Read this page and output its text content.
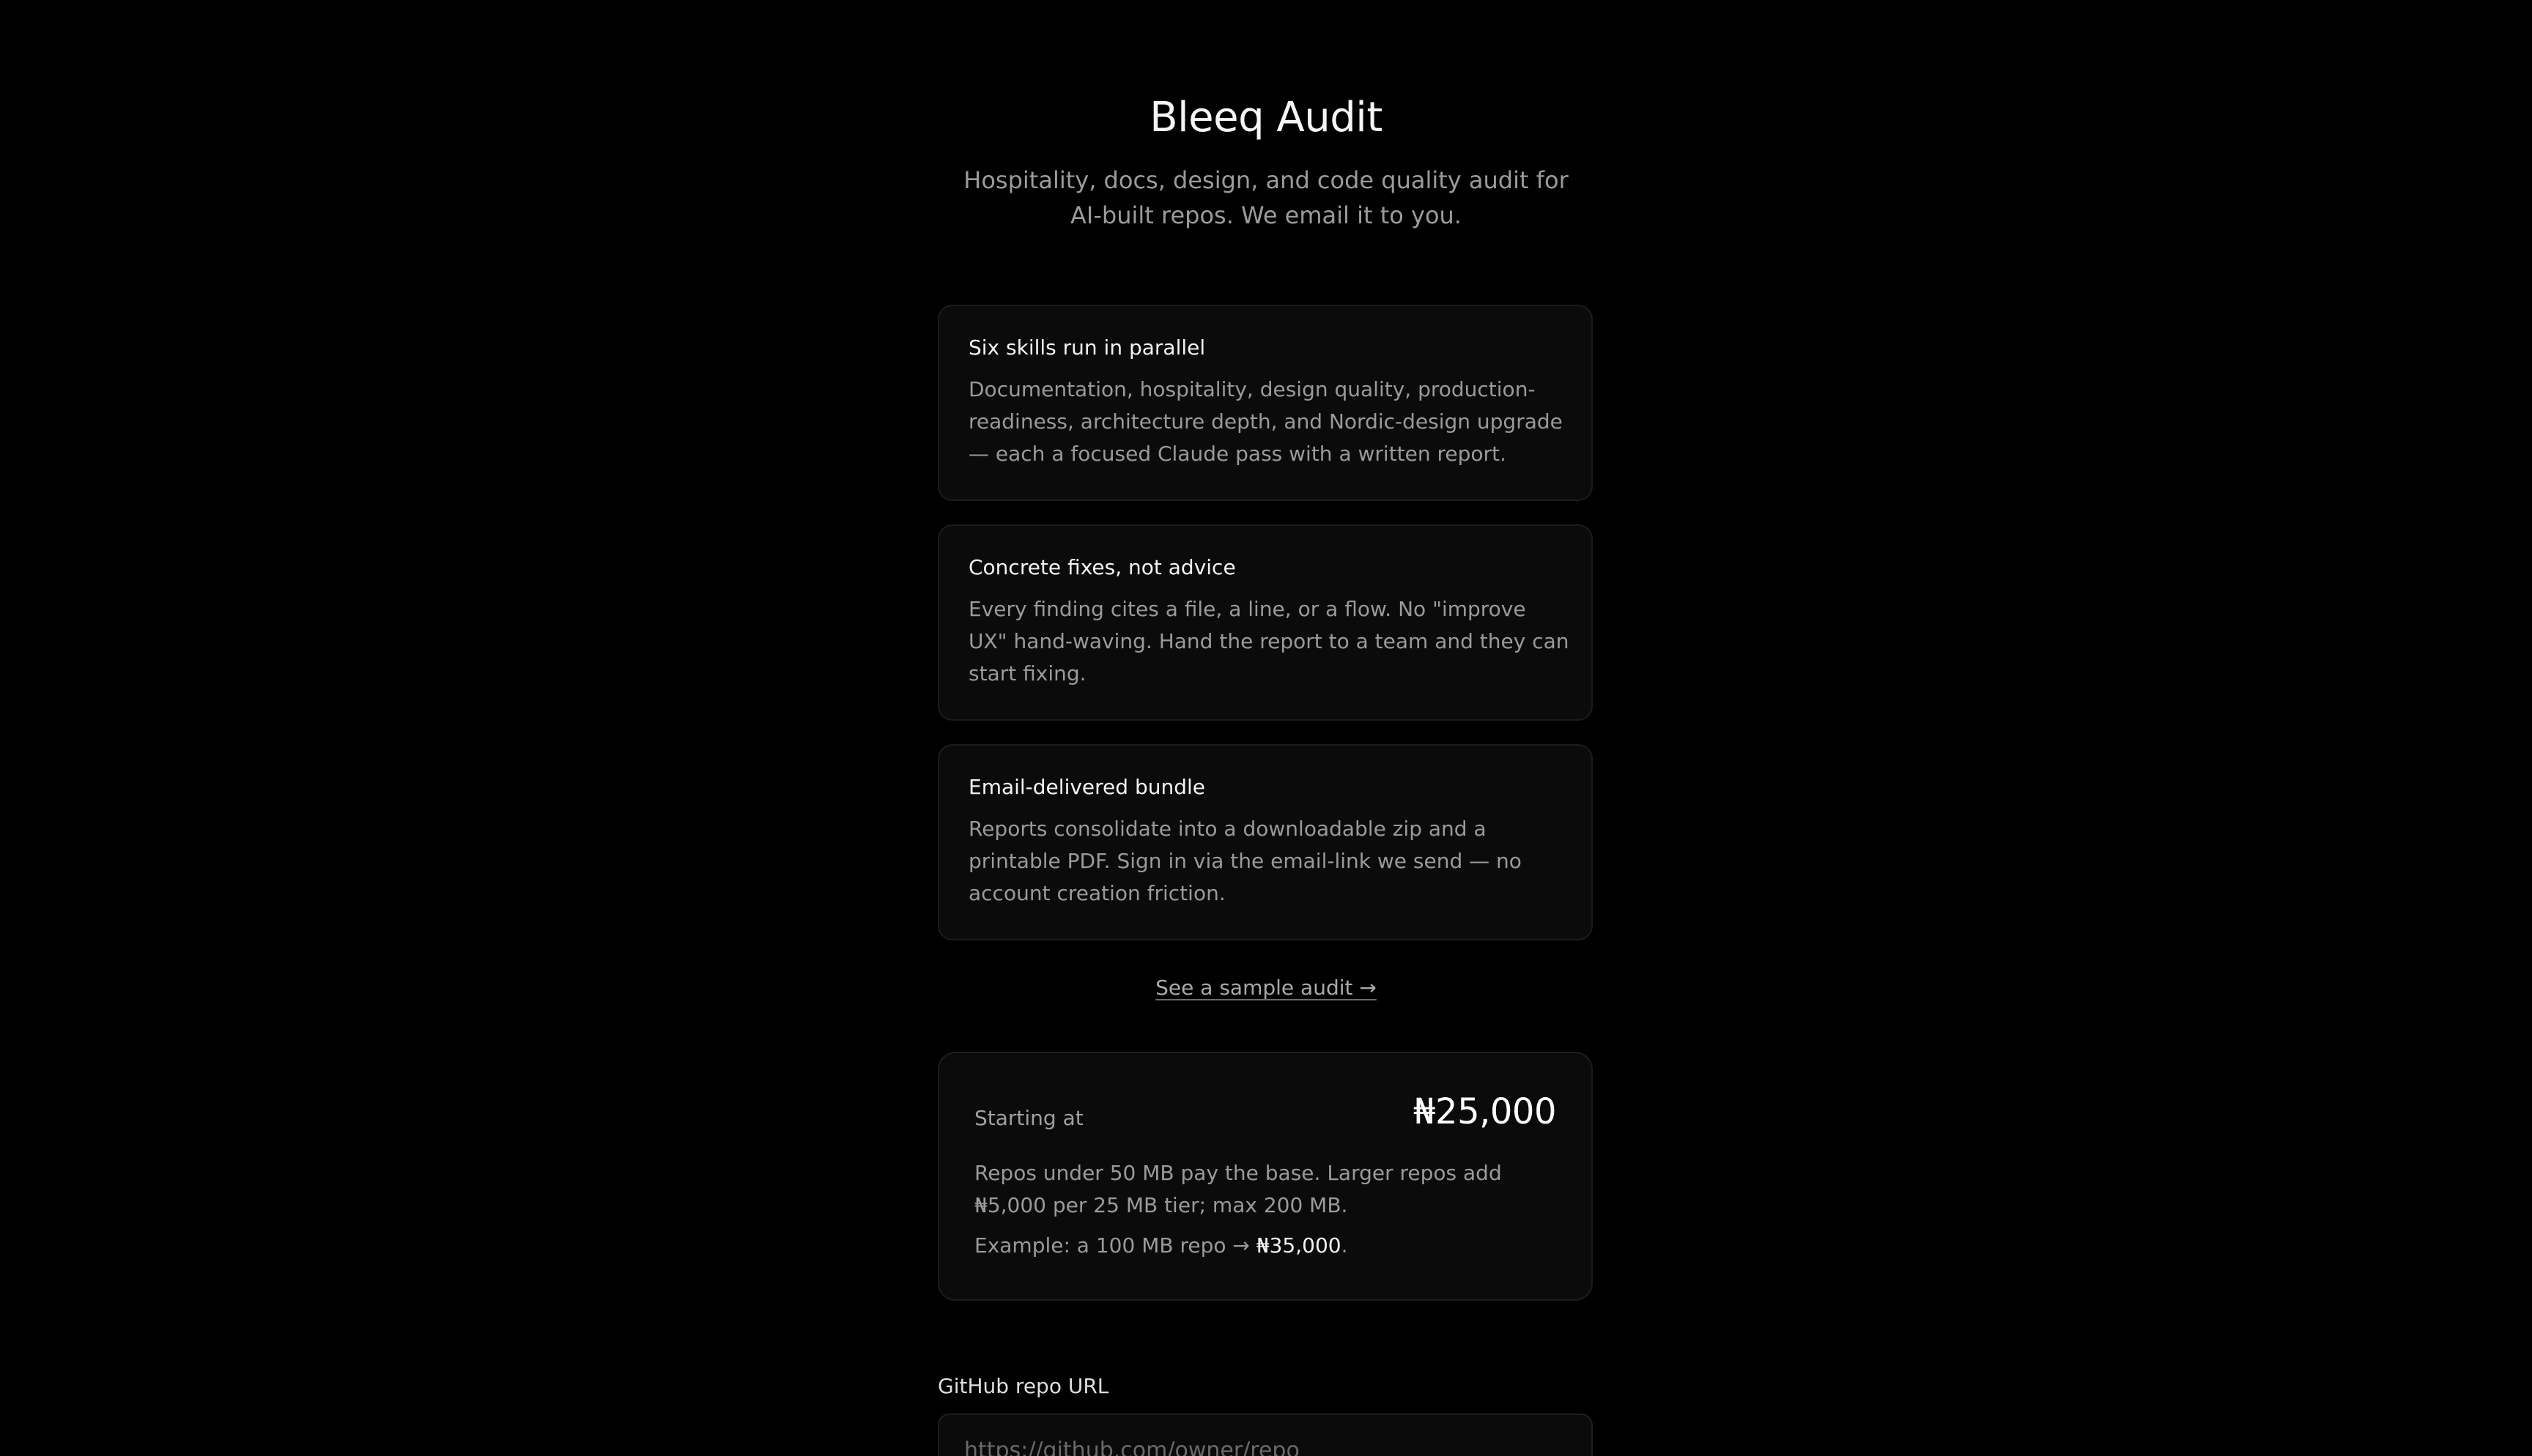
Bleeq Audit
Hospitality, docs, design, and code quality audit for AI-built repos. We email it to you.
Six skills run in parallel
Documentation, hospitality, design quality, production-readiness, architecture depth, and Nordic-design upgrade — each a focused Claude pass with a written report.
Concrete fixes, not advice
Every finding cites a file, a line, or a flow. No "improve UX" hand-waving. Hand the report to a team and they can start fixing.
Email-delivered bundle
Reports consolidate into a downloadable zip and a printable PDF. Sign in via the email-link we send — no account creation friction.
See a sample audit →
Starting at	₦25,000
Repos under 50 MB pay the base. Larger repos add ₦5,000 per 25 MB tier; max 200 MB.
Example: a 100 MB repo → ₦35,000.
GitHub repo URL
https://github.com/owner/repo
